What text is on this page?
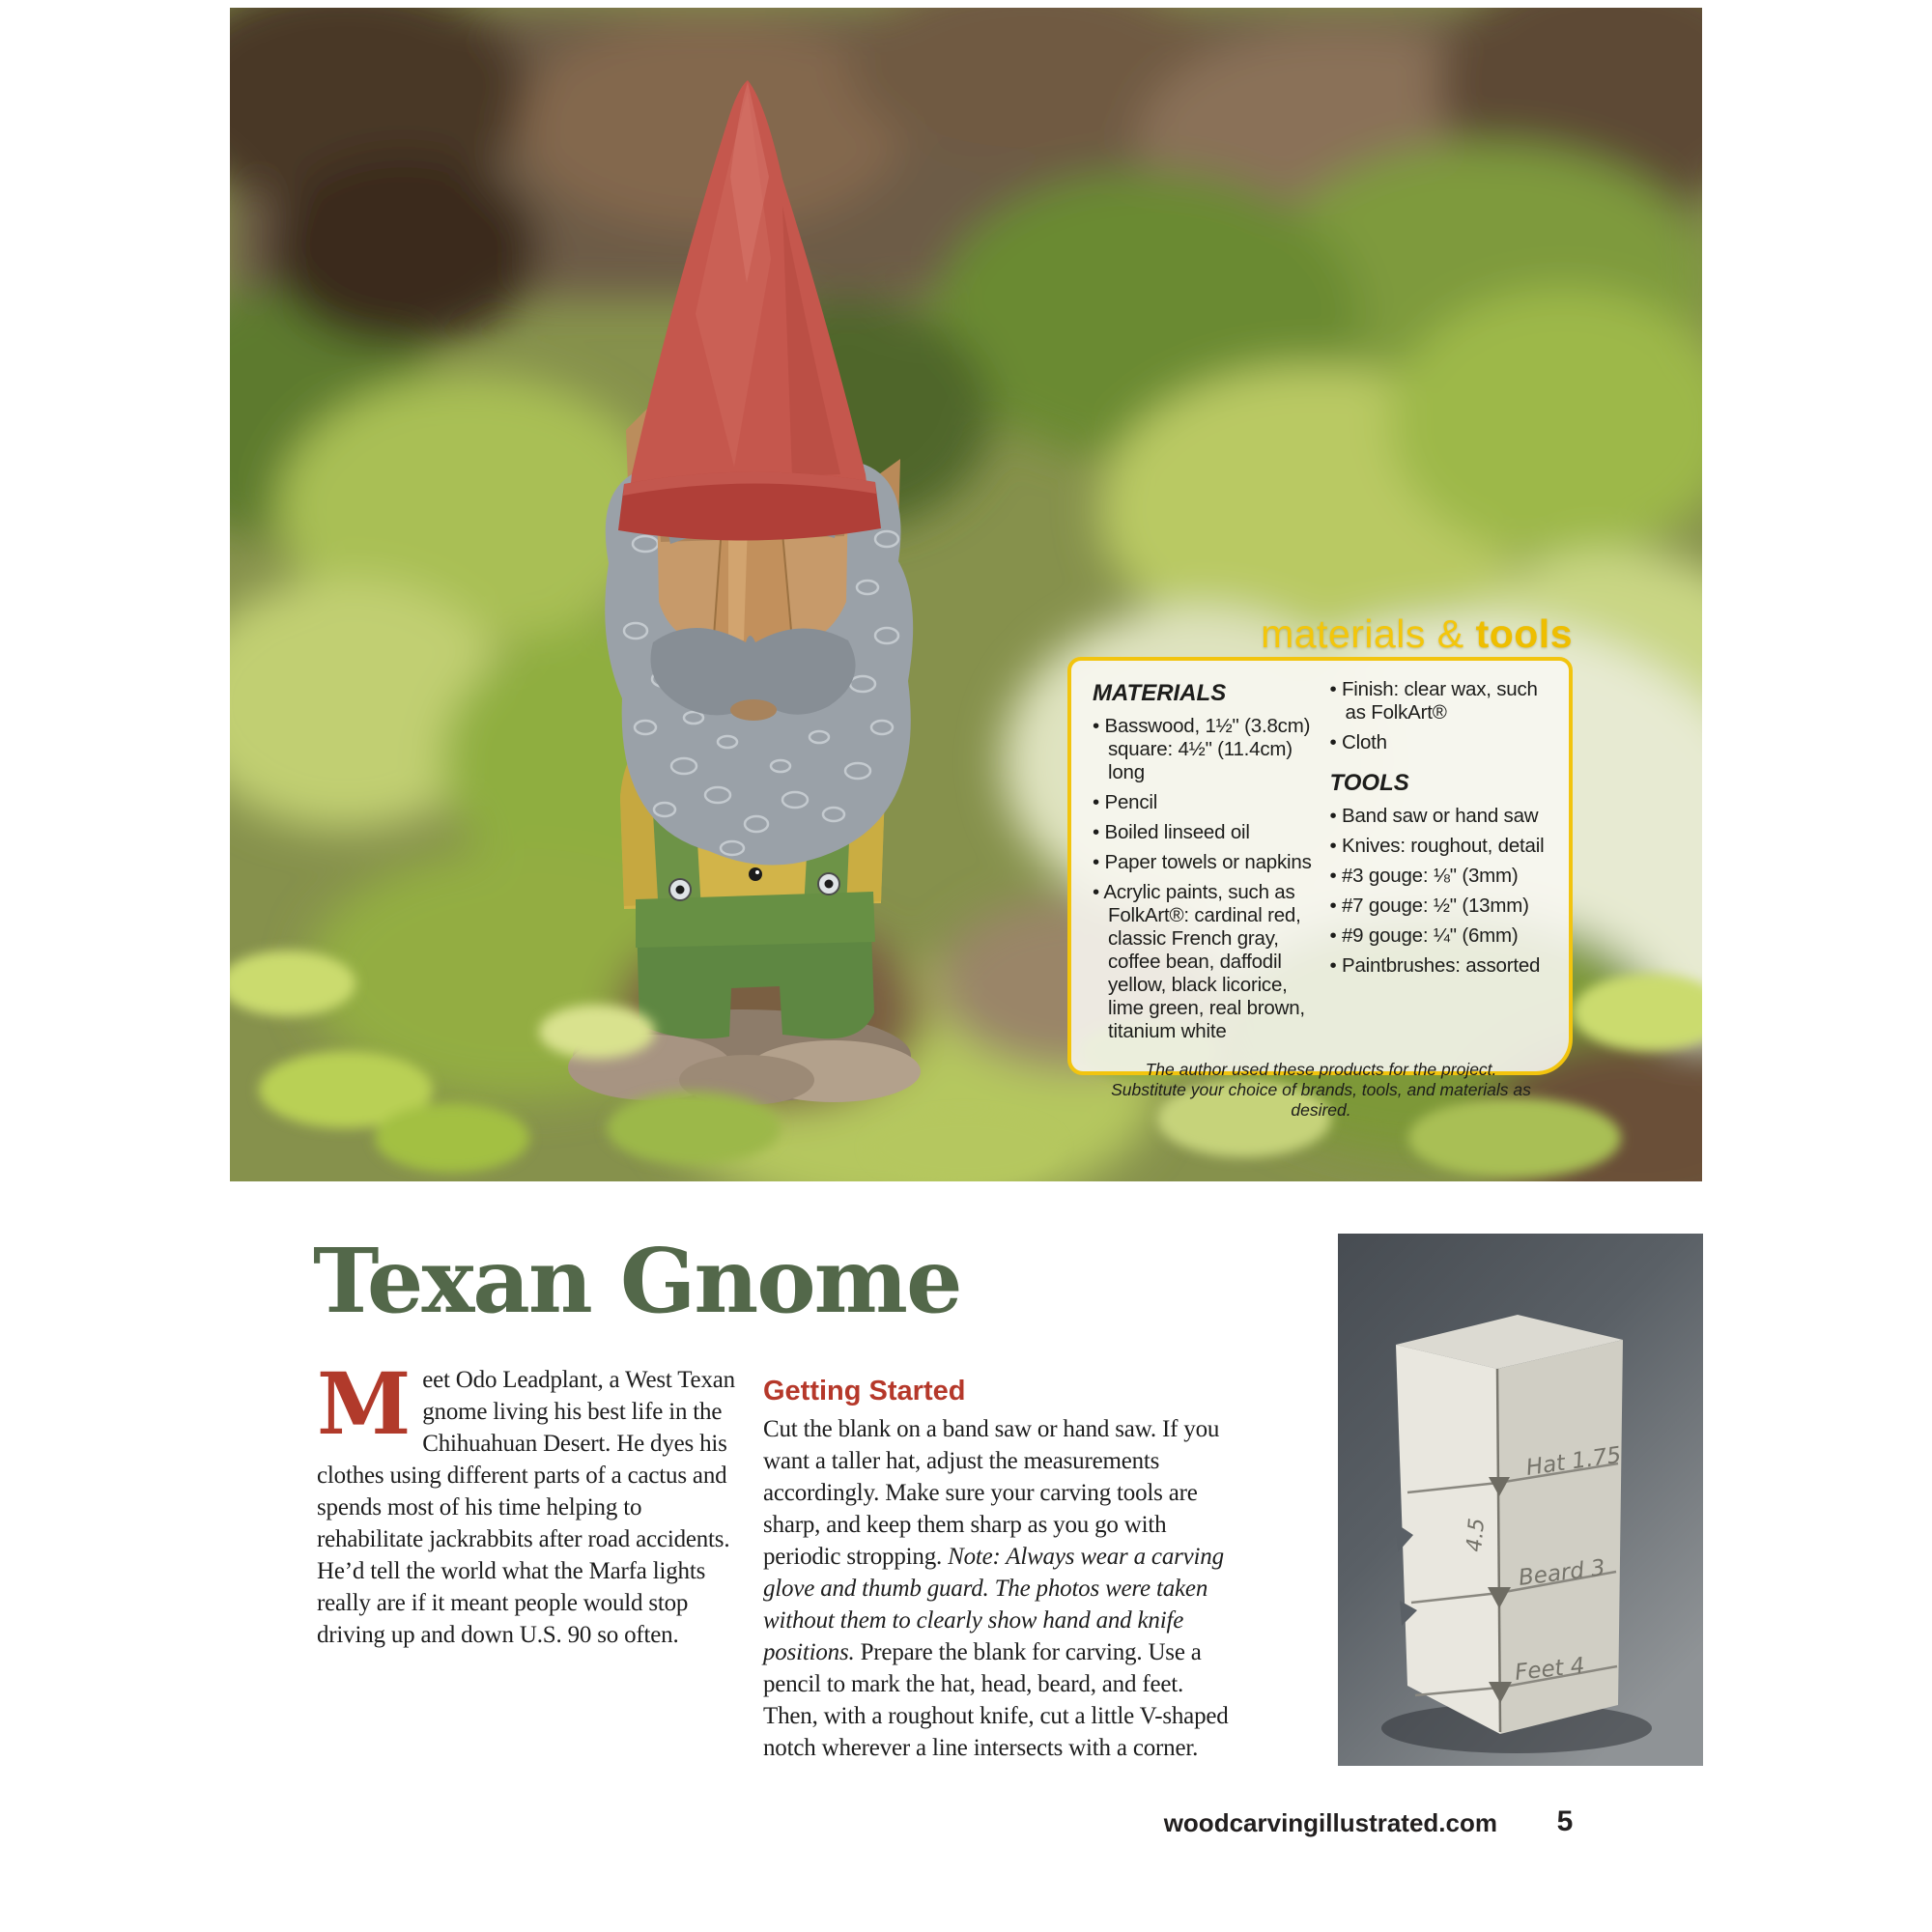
materials & tools
MATERIALS
• Basswood, 1½" (3.8cm) square: 4½" (11.4cm) long
• Pencil
• Boiled linseed oil
• Paper towels or napkins
• Acrylic paints, such as FolkArt®: cardinal red, classic French gray, coffee bean, daffodil yellow, black licorice, lime green, real brown, titanium white
• Finish: clear wax, such as FolkArt®
• Cloth
TOOLS
• Band saw or hand saw
• Knives: roughout, detail
• #3 gouge: ⅛" (3mm)
• #7 gouge: ½" (13mm)
• #9 gouge: ¼" (6mm)
• Paintbrushes: assorted
The author used these products for the project. Substitute your choice of brands, tools, and materials as desired.
Texan Gnome
Meet Odo Leadplant, a West Texan gnome living his best life in the Chihuahuan Desert. He dyes his clothes using different parts of a cactus and spends most of his time helping to rehabilitate jackrabbits after road accidents. He’d tell the world what the Marfa lights really are if it meant people would stop driving up and down U.S. 90 so often.
Getting Started
Cut the blank on a band saw or hand saw. If you want a taller hat, adjust the measurements accordingly. Make sure your carving tools are sharp, and keep them sharp as you go with periodic stropping. Note: Always wear a carving glove and thumb guard. The photos were taken without them to clearly show hand and knife positions. Prepare the blank for carving. Use a pencil to mark the hat, head, beard, and feet. Then, with a roughout knife, cut a little V-shaped notch wherever a line intersects with a corner.
Hat 1.75
Beard 3
Feet 4
4.5
woodcarvingillustrated.com	5
